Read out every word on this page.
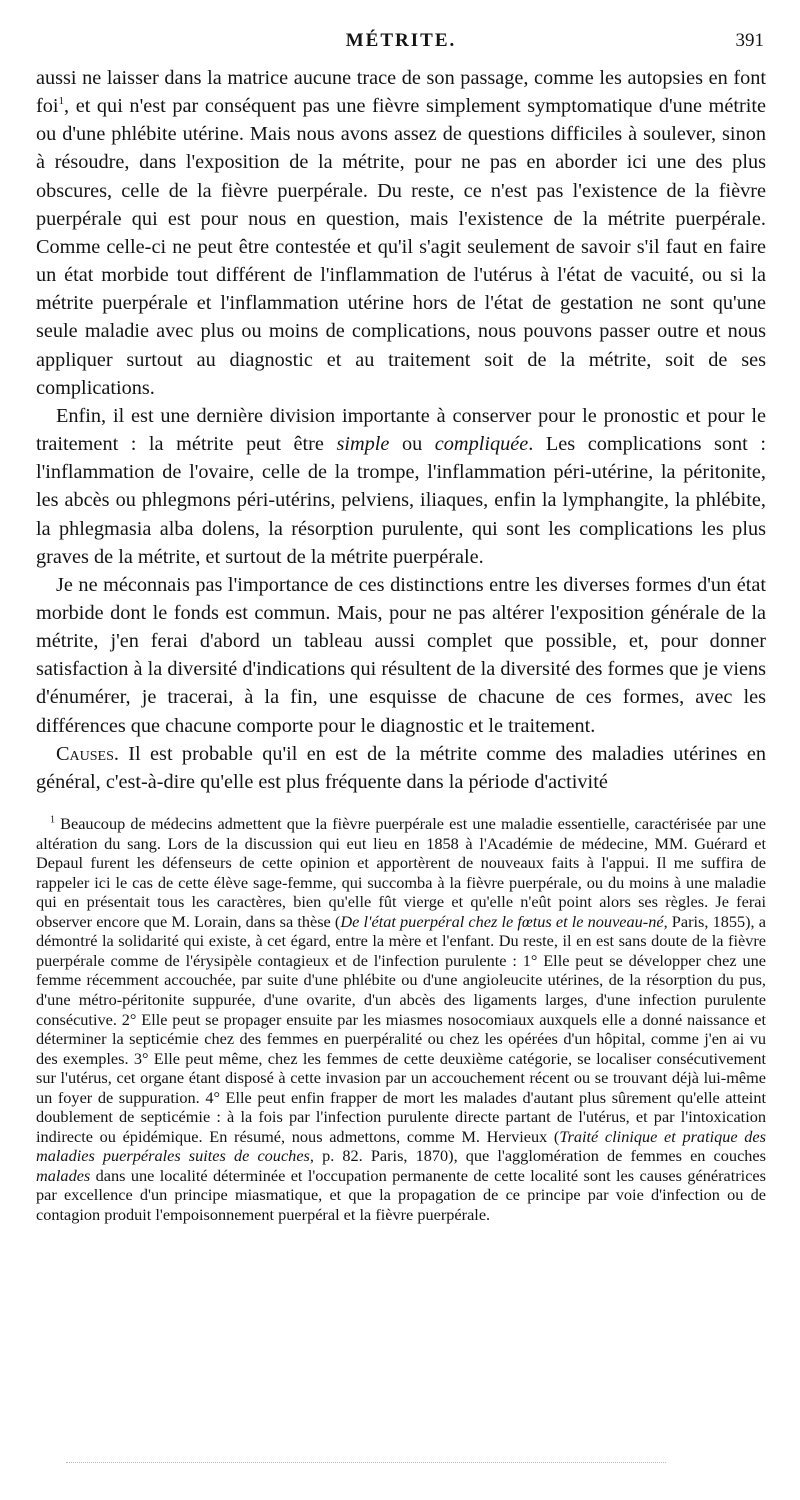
MÉTRITE.	391

aussi ne laisser dans la matrice aucune trace de son passage, comme les autopsies en font foi$^1$, et qui n'est par conséquent pas une fièvre simplement symptomatique d'une métrite ou d'une phlébite utérine. Mais nous avons assez de questions difficiles à soulever, sinon à résoudre, dans l'exposition de la métrite, pour ne pas en aborder ici une des plus obscures, celle de la fièvre puerpérale. Du reste, ce n'est pas l'existence de la fièvre puerpérale qui est pour nous en question, mais l'existence de la métrite puerpérale. Comme celle-ci ne peut être contestée et qu'il s'agit seulement de savoir s'il faut en faire un état morbide tout différent de l'inflammation de l'utérus à l'état de vacuité, ou si la métrite puerpérale et l'inflammation utérine hors de l'état de gestation ne sont qu'une seule maladie avec plus ou moins de complications, nous pouvons passer outre et nous appliquer surtout au diagnostic et au traitement soit de la métrite, soit de ses complications.

Enfin, il est une dernière division importante à conserver pour le pronostic et pour le traitement : la métrite peut être simple ou compliquée. Les complications sont : l'inflammation de l'ovaire, celle de la trompe, l'inflammation péri-utérine, la péritonite, les abcès ou phlegmons péri-utérins, pelviens, iliaques, enfin la lymphangite, la phlébite, la phlegmasia alba dolens, la résorption purulente, qui sont les complications les plus graves de la métrite, et surtout de la métrite puerpérale.

Je ne méconnais pas l'importance de ces distinctions entre les diverses formes d'un état morbide dont le fonds est commun. Mais, pour ne pas altérer l'exposition générale de la métrite, j'en ferai d'abord un tableau aussi complet que possible, et, pour donner satisfaction à la diversité d'indications qui résultent de la diversité des formes que je viens d'énumérer, je tracerai, à la fin, une esquisse de chacune de ces formes, avec les différences que chacune comporte pour le diagnostic et le traitement.

Causes. Il est probable qu'il en est de la métrite comme des maladies utérines en général, c'est-à-dire qu'elle est plus fréquente dans la période d'activité

$^1$ Beaucoup de médecins admettent que la fièvre puerpérale est une maladie essentielle, caractérisée par une altération du sang. Lors de la discussion qui eut lieu en 1858 à l'Académie de médecine, MM. Guérard et Depaul furent les défenseurs de cette opinion et apportèrent de nouveaux faits à l'appui. Il me suffira de rappeler ici le cas de cette élève sage-femme, qui succomba à la fièvre puerpérale, ou du moins à une maladie qui en présentait tous les caractères, bien qu'elle fût vierge et qu'elle n'eût point alors ses règles. Je ferai observer encore que M. Lorain, dans sa thèse (De l'état puerpéral chez le fœtus et le nouveau-né, Paris, 1855), a démontré la solidarité qui existe, à cet égard, entre la mère et l'enfant. Du reste, il en est sans doute de la fièvre puerpérale comme de l'érysipèle contagieux et de l'infection purulente : 1° Elle peut se développer chez une femme récemment accouchée, par suite d'une phlébite ou d'une angioleucite utérines, de la résorption du pus, d'une métro-péritonite suppurée, d'une ovarite, d'un abcès des ligaments larges, d'une infection purulente consécutive. 2° Elle peut se propager ensuite par les miasmes nosocomiaux auxquels elle a donné naissance et déterminer la septicémie chez des femmes en puerpéralité ou chez les opérées d'un hôpital, comme j'en ai vu des exemples. 3° Elle peut même, chez les femmes de cette deuxième catégorie, se localiser consécutivement sur l'utérus, cet organe étant disposé à cette invasion par un accouchement récent ou se trouvant déjà lui-même un foyer de suppuration. 4° Elle peut enfin frapper de mort les malades d'autant plus sûrement qu'elle atteint doublement de septicémie : à la fois par l'infection purulente directe partant de l'utérus, et par l'intoxication indirecte ou épidémique. En résumé, nous admettons, comme M. Hervieux (Traité clinique et pratique des maladies puerpérales suites de couches, p. 82. Paris, 1870), que l'agglomération de femmes en couches malades dans une localité déterminée et l'occupation permanente de cette localité sont les causes génératrices par excellence d'un principe miasmatique, et que la propagation de ce principe par voie d'infection ou de contagion produit l'empoisonnement puerpéral et la fièvre puerpérale.
